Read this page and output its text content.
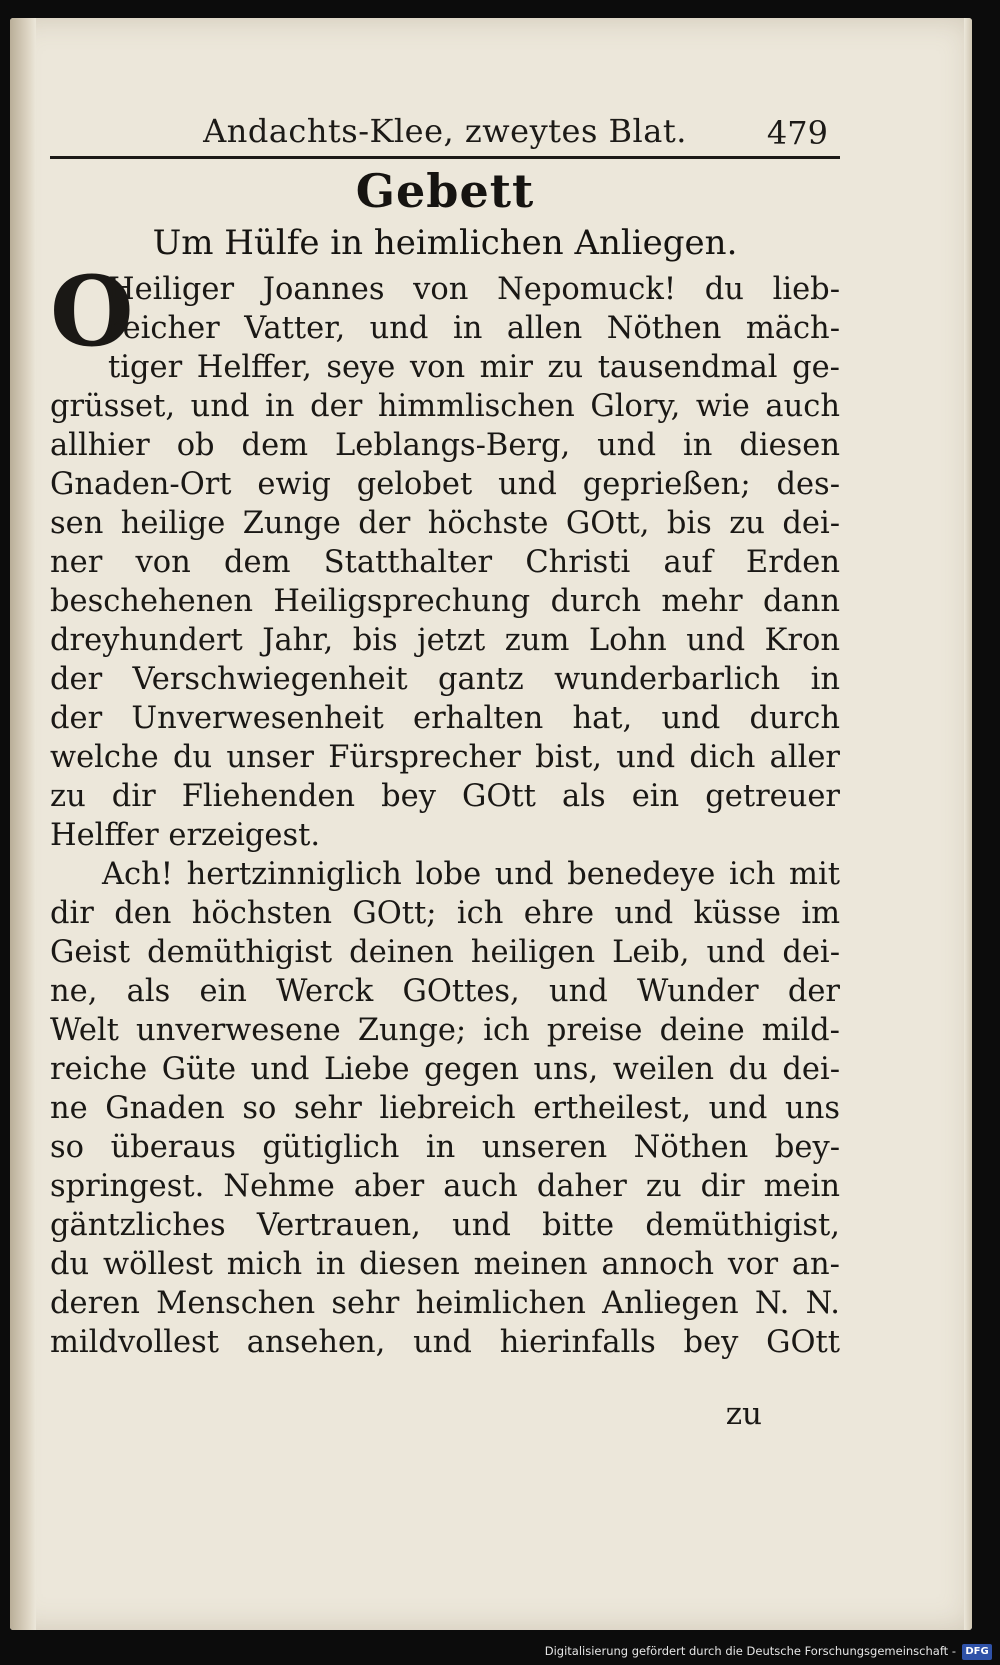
Andachts-Klee, zweytes Blat.	479
Gebett
Um Hülfe in heimlichen Anliegen.
O
Heiliger Joannes von Nepomuck! du lieb-
reicher Vatter, und in allen Nöthen mäch-
tiger Helffer, seye von mir zu tausendmal ge-
grüsset, und in der himmlischen Glory, wie auch
allhier ob dem Leblangs-Berg, und in diesen
Gnaden-Ort ewig gelobet und geprießen; des-
sen heilige Zunge der höchste GOtt, bis zu dei-
ner von dem Statthalter Christi auf Erden
beschehenen Heiligsprechung durch mehr dann
dreyhundert Jahr, bis jetzt zum Lohn und Kron
der Verschwiegenheit gantz wunderbarlich in
der Unverwesenheit erhalten hat, und durch
welche du unser Fürsprecher bist, und dich aller
zu dir Fliehenden bey GOtt als ein getreuer
Helffer erzeigest.
Ach! hertzinniglich lobe und benedeye ich mit
dir den höchsten GOtt; ich ehre und küsse im
Geist demüthigist deinen heiligen Leib, und dei-
ne, als ein Werck GOttes, und Wunder der
Welt unverwesene Zunge; ich preise deine mild-
reiche Güte und Liebe gegen uns, weilen du dei-
ne Gnaden so sehr liebreich ertheilest, und uns
so überaus gütiglich in unseren Nöthen bey-
springest. Nehme aber auch daher zu dir mein
gäntzliches Vertrauen, und bitte demüthigist,
du wöllest mich in diesen meinen annoch vor an-
deren Menschen sehr heimlichen Anliegen N. N.
mildvollest ansehen, und hierinfalls bey GOtt
zu
Digitalisierung gefördert durch die Deutsche Forschungsgemeinschaft - DFG
